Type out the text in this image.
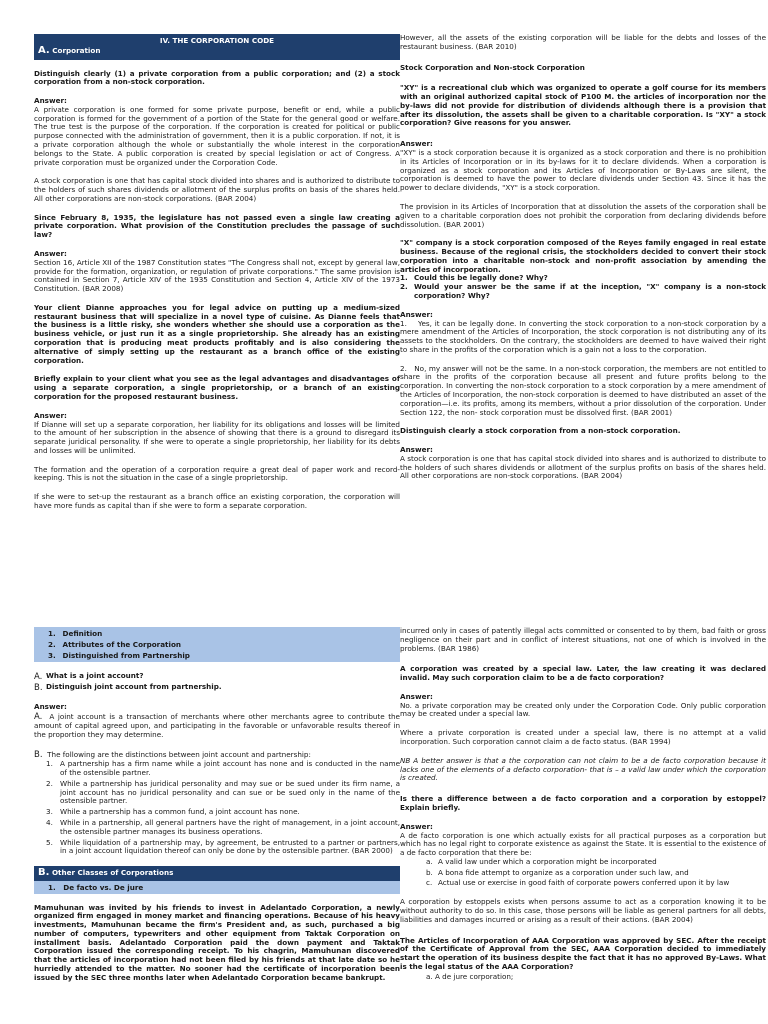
IV. THE CORPORATION CODE
A. Corporation

Distinguish clearly (1) a private corporation from a public corporation; and (2) a stock corporation from a non-stock corporation.

Answer:

A private corporation is one formed for some private purpose, benefit or end, while a public corporation is formed for the government of a portion of the State for the general good or welfare. The true test is the purpose of the corporation. If the corporation is created for political or public purpose connected with the administration of government, then it is a public corporation. If not, it is a private corporation although the whole or substantially the whole interest in the corporation belongs to the State. A public corporation is created by special legislation or act of Congress. A private corporation must be organized under the Corporation Code.

A stock corporation is one that has capital stock divided into shares and is authorized to distribute to the holders of such shares dividends or allotment of the surplus profits on basis of the shares held. All other corporations are non-stock corporations. (BAR 2004)

Since February 8, 1935, the legislature has not passed even a single law creating a private corporation. What provision of the Constitution precludes the passage of such law?

Answer:

Section 16, Article XII of the 1987 Constitution states "The Congress shall not, except by general law, provide for the formation, organization, or regulation of private corporations." The same provision is contained in Section 7, Article XIV of the 1935 Constitution and Section 4, Article XIV of the 1973 Constitution. (BAR 2008)

Your client Dianne approaches you for legal advice on putting up a medium-sized restaurant business that will specialize in a novel type of cuisine. As Dianne feels that the business is a little risky, she wonders whether she should use a corporation as the business vehicle, or just run it as a single proprietorship. She already has an existing corporation that is producing meat products profitably and is also considering the alternative of simply setting up the restaurant as a branch office of the existing corporation.

Briefly explain to your client what you see as the legal advantages and disadvantages of using a separate corporation, a single proprietorship, or a branch of an existing corporation for the proposed restaurant business.

Answer:

If Dianne will set up a separate corporation, her liability for its obligations and losses will be limited to the amount of her subscription in the absence of showing that there is a ground to disregard its separate juridical personality. If she were to operate a single proprietorship, her liability for its debts and losses will be unlimited.

The formation and the operation of a corporation require a great deal of paper work and record-keeping. This is not the situation in the case of a single proprietorship.

If she were to set-up the restaurant as a branch office an existing corporation, the corporation will have more funds as capital than if she were to form a separate corporation.

However, all the assets of the existing corporation will be liable for the debts and losses of the restaurant business. (BAR 2010)

Stock Corporation and Non-stock Corporation

"XY" is a recreational club which was organized to operate a golf course for its members with an original authorized capital stock of P100 M. the articles of incorporation nor the by-laws did not provide for distribution of dividends although there is a provision that after its dissolution, the assets shall be given to a charitable corporation. Is "XY" a stock corporation? Give reasons for you answer.

Answer:

"XY" is a stock corporation because it is organized as a stock corporation and there is no prohibition in its Articles of Incorporation or in its by-laws for it to declare dividends. When a corporation is organized as a stock corporation and its Articles of Incorporation or By-Laws are silent, the corporation is deemed to have the power to declare dividends under Section 43. Since it has the power to declare dividends, "XY" is a stock corporation.

The provision in its Articles of Incorporation that at dissolution the assets of the corporation shall be given to a charitable corporation does not prohibit the corporation from declaring dividends before dissolution. (BAR 2001)

"X" company is a stock corporation composed of the Reyes family engaged in real estate business. Because of the regional crisis, the stockholders decided to convert their stock corporation into a charitable non-stock and non-profit association by amending the articles of incorporation.

1. Could this be legally done? Why?
2. Would your answer be the same if at the inception, "X" company is a non-stock corporation? Why?

Answer:

1. Yes, it can be legally done. In converting the stock corporation to a non-stock corporation by a mere amendment of the Articles of Incorporation, the stock corporation is not distributing any of its assets to the stockholders. On the contrary, the stockholders are deemed to have waived their right to share in the profits of the corporation which is a gain not a loss to the corporation.

2. No, my answer will not be the same. In a non-stock corporation, the members are not entitled to share in the profits of the corporation because all present and future profits belong to the corporation. In converting the non-stock corporation to a stock corporation by a mere amendment of the Articles of Incorporation, the non-stock corporation is deemed to have distributed an asset of the corporation—i.e. its profits, among its members, without a prior dissolution of the corporation. Under Section 122, the non- stock corporation must be dissolved first. (BAR 2001)

Distinguish clearly a stock corporation from a non-stock corporation.

Answer:

A stock corporation is one that has capital stock divided into shares and is authorized to distribute to the holders of such shares dividends or allotment of the surplus profits on basis of the shares held. All other corporations are non-stock corporations. (BAR 2004)

1. Definition
2. Attributes of the Corporation
3. Distinguished from Partnership
A. What is a joint account?
B. Distinguish joint account from partnership.

Answer:

A. A joint account is a transaction of merchants where other merchants agree to contribute the amount of capital agreed upon, and participating in the favorable or unfavorable results thereof in the proportion they may determine.

B. The following are the distinctions between joint account and partnership:

1. A partnership has a firm name while a joint account has none and is conducted in the name of the ostensible partner.
2. While a partnership has juridical personality and may sue or be sued under its firm name, a joint account has no juridical personality and can sue or be sued only in the name of the ostensible partner.
3. While a partnership has a common fund, a joint account has none.
4. While in a partnership, all general partners have the right of management, in a joint account, the ostensible partner manages its business operations.
5. While liquidation of a partnership may, by agreement, be entrusted to a partner or partners, in a joint account liquidation thereof can only be done by the ostensible partner. (BAR 2000)
B. Other Classes of Corporations
1. De facto vs. De jure

Mamuhunan was invited by his friends to invest in Adelantado Corporation, a newly organized firm engaged in money market and financing operations. Because of his heavy investments, Mamuhunan became the firm's President and, as such, purchased a big number of computers, typewriters and other equipment from Taktak Corporation on installment basis. Adelantado Corporation paid the down payment and Taktak Corporation issued the corresponding receipt. To his chagrin, Mamuhunan discovered that the articles of incorporation had not been filed by his friends at that late date so he hurriedly attended to the matter. No sooner had the certificate of incorporation been issued by the SEC three months later when Adelantado Corporation became bankrupt.

incurred only in cases of patently illegal acts committed or consented to by them, bad faith or gross negligence on their part and in conflict of interest situations, not one of which is involved in the problems. (BAR 1986)

A corporation was created by a special law. Later, the law creating it was declared invalid. May such corporation claim to be a de facto corporation?

Answer:

No. a private corporation may be created only under the Corporation Code. Only public corporation may be created under a special law.

Where a private corporation is created under a special law, there is no attempt at a valid incorporation. Such corporation cannot claim a de facto status. (BAR 1994)

NB A better answer is that a the corporation can not claim to be a de facto corporation because it lacks one of the elements of a defacto corporation- that is – a valid law under which the corporation is created.

Is there a difference between a de facto corporation and a corporation by estoppel? Explain briefly.

Answer:

A de facto corporation is one which actually exists for all practical purposes as a corporation but which has no legal right to corporate existence as against the State. It is essential to the existence of a de facto corporation that there be:

a. A valid law under which a corporation might be incorporated
b. A bona fide attempt to organize as a corporation under such law, and
c. Actual use or exercise in good faith of corporate powers conferred upon it by law

A corporation by estoppels exists when persons assume to act as a corporation knowing it to be without authority to do so. In this case, those persons will be liable as general partners for all debts, liabilities and damages incurred or arising as a result of their actions. (BAR 2004)

The Articles of Incorporation of AAA Corporation was approved by SEC. After the receipt of the Certificate of Approval from the SEC, AAA Corporation decided to immediately start the operation of its business despite the fact that it has no approved By-Laws. What is the legal status of the AAA Corporation?

a. A de jure corporation;
